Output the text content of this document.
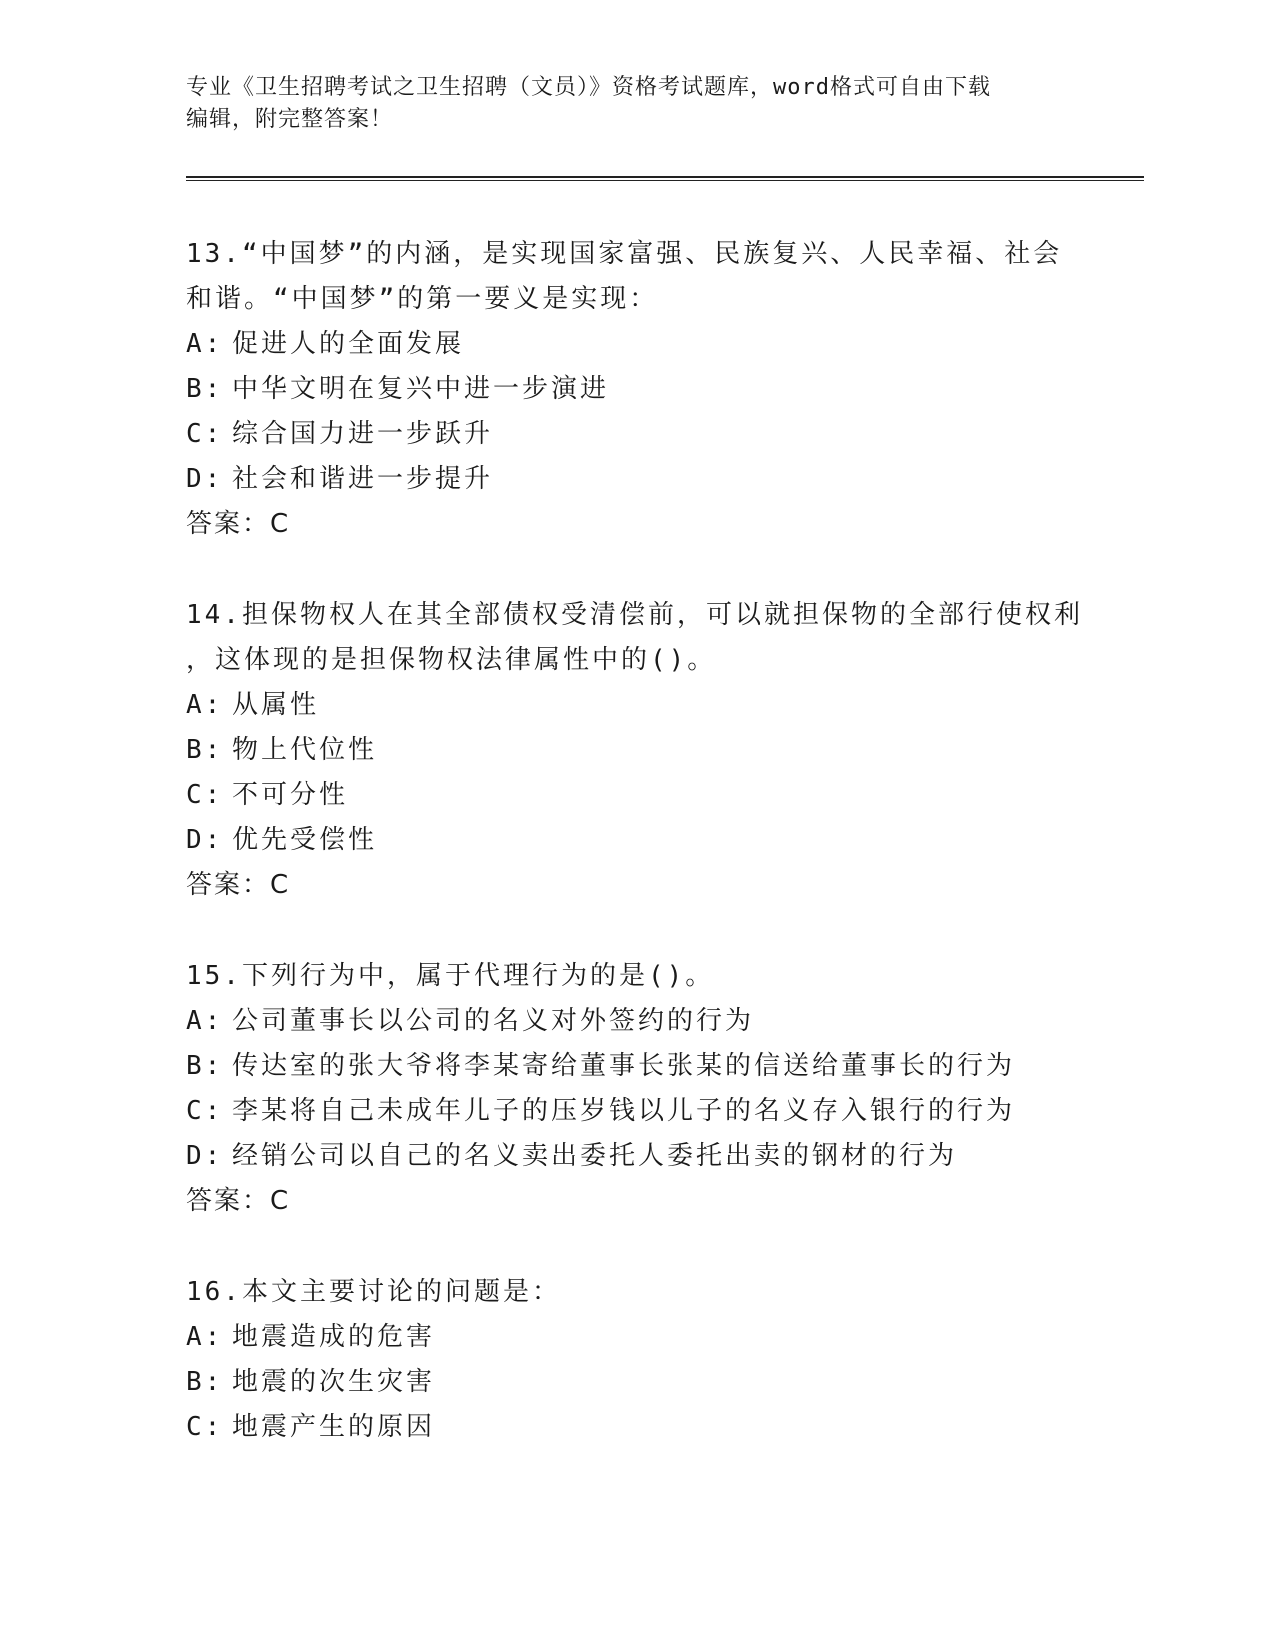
专业《卫生招聘考试之卫生招聘（文员）》资格考试题库，word格式可自由下载
编辑，附完整答案！

13.“中国梦”的内涵，是实现国家富强、民族复兴、人民幸福、社会

和谐。“中国梦”的第一要义是实现：

A: 促进人的全面发展

B: 中华文明在复兴中进一步演进

C: 综合国力进一步跃升

D: 社会和谐进一步提升

答案：C

14.担保物权人在其全部债权受清偿前，可以就担保物的全部行使权利

，这体现的是担保物权法律属性中的()。

A: 从属性

B: 物上代位性

C: 不可分性

D: 优先受偿性

答案：C

15.下列行为中，属于代理行为的是()。

A: 公司董事长以公司的名义对外签约的行为

B: 传达室的张大爷将李某寄给董事长张某的信送给董事长的行为

C: 李某将自己未成年儿子的压岁钱以儿子的名义存入银行的行为

D: 经销公司以自己的名义卖出委托人委托出卖的钢材的行为

答案：C

16.本文主要讨论的问题是：

A: 地震造成的危害

B: 地震的次生灾害

C: 地震产生的原因
